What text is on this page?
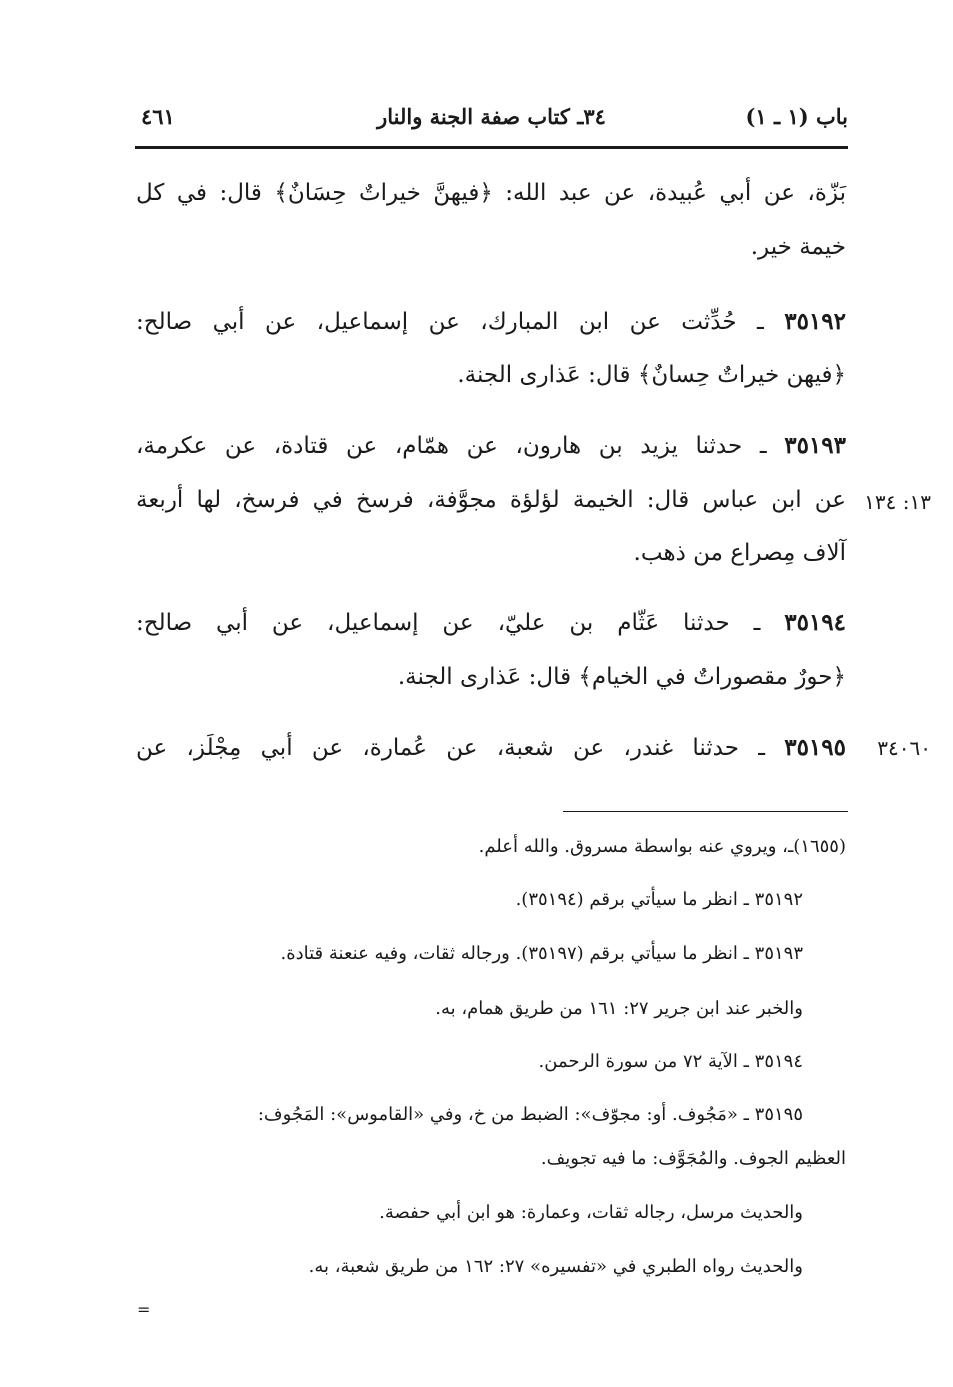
باب (١ ـ ١)
٣٤ـ كتاب صفة الجنة والنار
٤٦١
بَزّة، عن أبي عُبيدة، عن عبد الله: ﴿فيهنَّ خيراتٌ حِسَانٌ﴾ قال: في كل
خيمة خير.
٣٥١٩٢ ـ حُدِّثت عن ابن المبارك، عن إسماعيل، عن أبي صالح:
﴿فيهن خيراتٌ حِسانٌ﴾ قال: عَذارى الجنة.
٣٥١٩٣ ـ حدثنا يزيد بن هارون، عن همّام، عن قتادة، عن عكرمة،
عن ابن عباس قال: الخيمة لؤلؤة مجوَّفة، فرسخ في فرسخ، لها أربعة ١٣: ١٣٤
آلاف مِصراع من ذهب.
٣٥١٩٤ ـ حدثنا عَثّام بن عليّ، عن إسماعيل، عن أبي صالح:
﴿حورٌ مقصوراتٌ في الخيام﴾ قال: عَذارى الجنة.
٣٥١٩٥ ـ حدثنا غندر، عن شعبة، عن عُمارة، عن أبي مِجْلَز، عن	٣٤٠٦٠
(١٦٥٥)ـ، ويروي عنه بواسطة مسروق. والله أعلم.
٣٥١٩٢ ـ انظر ما سيأتي برقم (٣٥١٩٤).
٣٥١٩٣ ـ انظر ما سيأتي برقم (٣٥١٩٧). ورجاله ثقات، وفيه عنعنة قتادة.
والخبر عند ابن جرير ٢٧: ١٦١ من طريق همام، به.
٣٥١٩٤ ـ الآية ٧٢ من سورة الرحمن.
٣٥١٩٥ ـ «مَجُوف. أو: مجوّف»: الضبط من خ، وفي «القاموس»: المَجُوف:
العظيم الجوف. والمُجَوَّف: ما فيه تجويف.
والحديث مرسل، رجاله ثقات، وعمارة: هو ابن أبي حفصة.
والحديث رواه الطبري في «تفسيره» ٢٧: ١٦٢ من طريق شعبة، به.
=
